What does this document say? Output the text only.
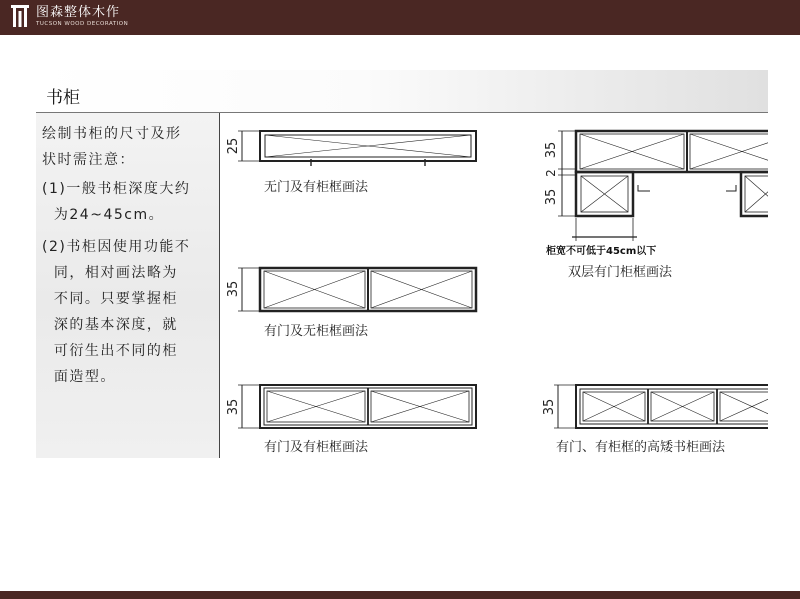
图森整体木作
TUCSON WOOD DECORATION
书柜
绘制书柜的尺寸及形
状时需注意：
(1)一般书柜深度大约
为24~45cm。
(2)书柜因使用功能不
同，相对画法略为
不同。只要掌握柜
深的基本深度，就
可衍生出不同的柜
面造型。
25
无门及有柜框画法
35
有门及无柜框画法
35
有门及有柜框画法
35
2
35
柜宽不可低于45cm以下
双层有门柜框画法
35
有门、有柜框的高矮书柜画法
